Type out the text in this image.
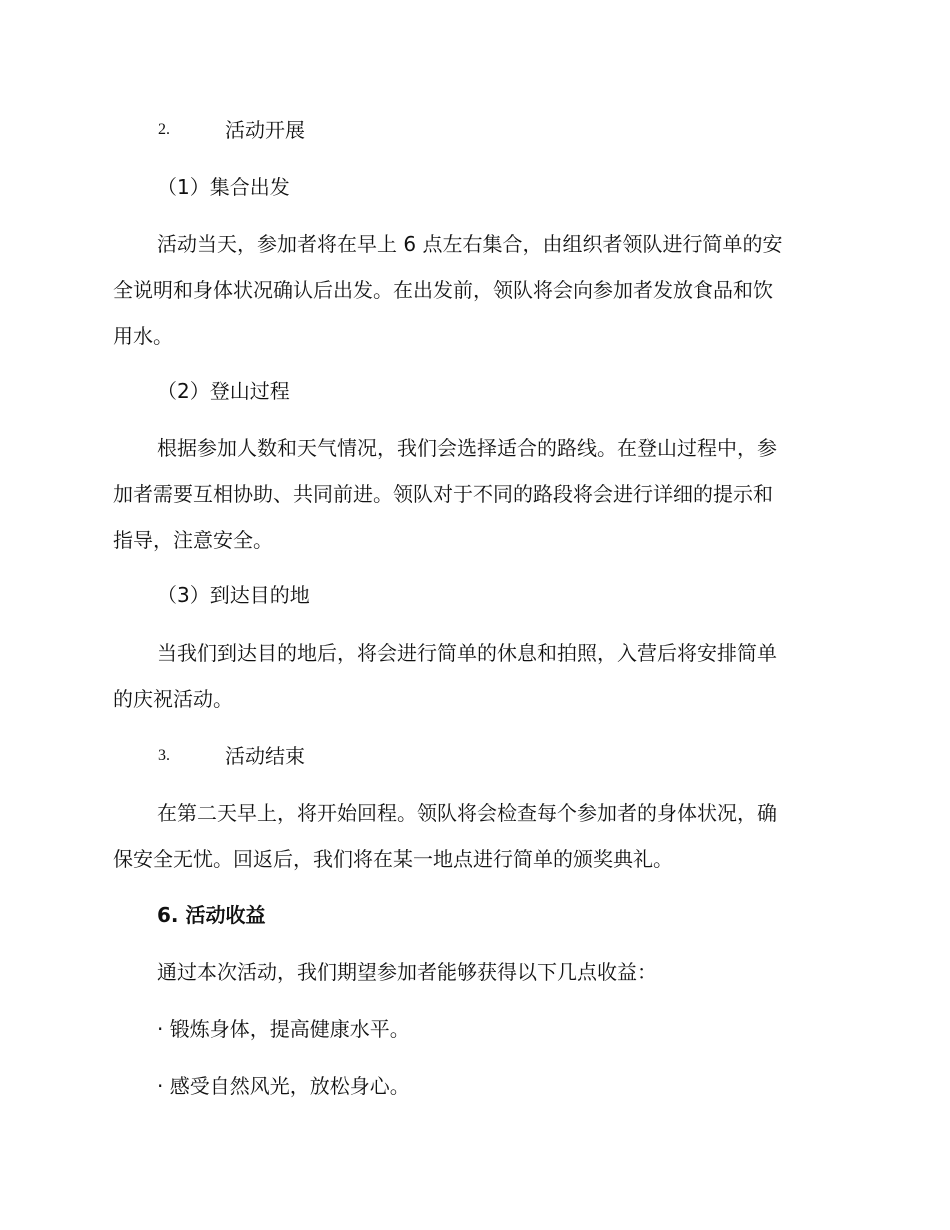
2.	活动开展
（1）集合出发
活动当天，参加者将在早上 6 点左右集合，由组织者领队进行简单的安
全说明和身体状况确认后出发。在出发前，领队将会向参加者发放食品和饮
用水。
（2）登山过程
根据参加人数和天气情况，我们会选择适合的路线。在登山过程中，参
加者需要互相协助、共同前进。领队对于不同的路段将会进行详细的提示和
指导，注意安全。
（3）到达目的地
当我们到达目的地后，将会进行简单的休息和拍照，入营后将安排简单
的庆祝活动。
3.	活动结束
在第二天早上，将开始回程。领队将会检查每个参加者的身体状况，确
保安全无忧。回返后，我们将在某一地点进行简单的颁奖典礼。
6. 活动收益
通过本次活动，我们期望参加者能够获得以下几点收益：
· 锻炼身体，提高健康水平。
· 感受自然风光，放松身心。
